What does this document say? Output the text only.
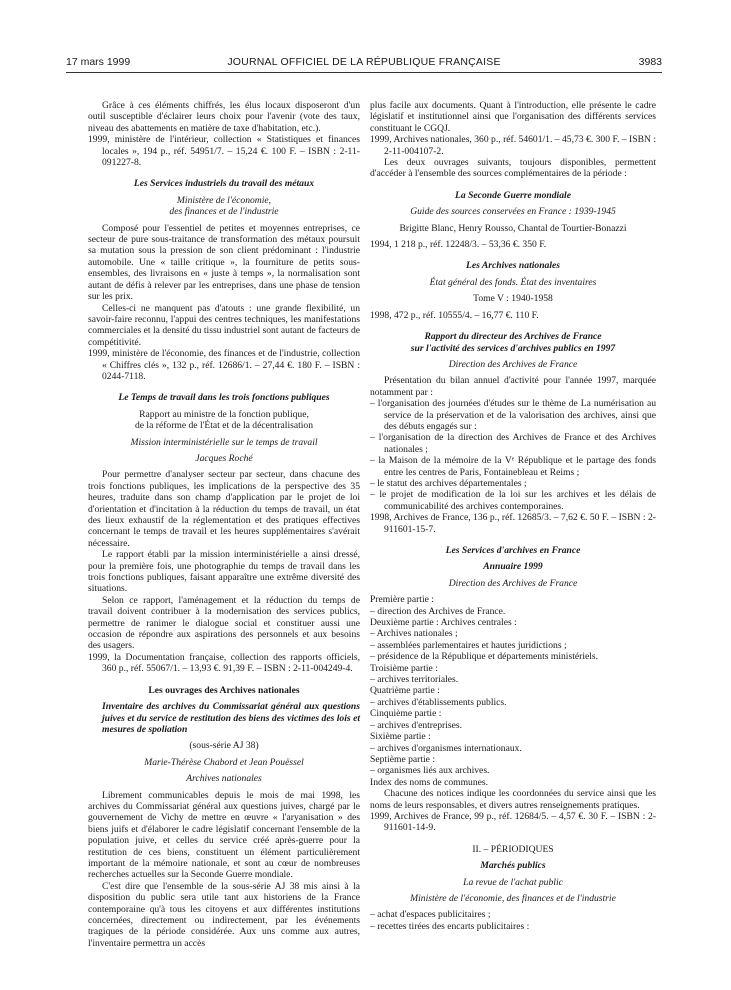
17 mars 1999	JOURNAL OFFICIEL DE LA RÉPUBLIQUE FRANÇAISE	3983

Grâce à ces éléments chiffrés, les élus locaux disposeront d'un outil susceptible d'éclairer leurs choix pour l'avenir (vote des taux, niveau des abattements en matière de taxe d'habitation, etc.).

1999, ministère de l'intérieur, collection « Statistiques et finances locales », 194 p., réf. 54951/7. – 15,24 €. 100 F. – ISBN : 2-11-091227-8.

Les Services industriels du travail des métaux

Ministère de l'économie,

des finances et de l'industrie

Composé pour l'essentiel de petites et moyennes entreprises, ce secteur de pure sous-traitance de transformation des métaux poursuit sa mutation sous la pression de son client prédominant : l'industrie automobile. Une « taille critique », la fourniture de petits sous-ensembles, des livraisons en « juste à temps », la normalisation sont autant de défis à relever par les entreprises, dans une phase de tension sur les prix.

Celles-ci ne manquent pas d'atouts : une grande flexibilité, un savoir-faire reconnu, l'appui des centres techniques, les manifestations commerciales et la densité du tissu industriel sont autant de facteurs de compétitivité.

1999, ministère de l'économie, des finances et de l'industrie, collection « Chiffres clés », 132 p., réf. 12686/1. – 27,44 €. 180 F. – ISBN : 0244-7118.

Le Temps de travail dans les trois fonctions publiques

Rapport au ministre de la fonction publique,

de la réforme de l'État et de la décentralisation

Mission interministérielle sur le temps de travail

Jacques Roché

Pour permettre d'analyser secteur par secteur, dans chacune des trois fonctions publiques, les implications de la perspective des 35 heures, traduite dans son champ d'application par le projet de loi d'orientation et d'incitation à la réduction du temps de travail, un état des lieux exhaustif de la réglementation et des pratiques effectives concernant le temps de travail et les heures supplémentaires s'avérait nécessaire.

Le rapport établi par la mission interministérielle a ainsi dressé, pour la première fois, une photographie du temps de travail dans les trois fonctions publiques, faisant apparaître une extrême diversité des situations.

Selon ce rapport, l'aménagement et la réduction du temps de travail doivent contribuer à la modernisation des services publics, permettre de ranimer le dialogue social et constituer aussi une occasion de répondre aux aspirations des personnels et aux besoins des usagers.

1999, la Documentation française, collection des rapports officiels, 360 p., réf. 55067/1. – 13,93 €. 91,39 F. – ISBN : 2-11-004249-4.

Les ouvrages des Archives nationales

Inventaire des archives du Commissariat général aux questions juives et du service de restitution des biens des victimes des lois et mesures de spoliation

(sous-série AJ 38)

Marie-Thérèse Chabord et Jean Pouëssel

Archives nationales

Librement communicables depuis le mois de mai 1998, les archives du Commissariat général aux questions juives, chargé par le gouvernement de Vichy de mettre en œuvre « l'aryanisation » des biens juifs et d'élaborer le cadre législatif concernant l'ensemble de la population juive, et celles du service créé après-guerre pour la restitution de ces biens, constituent un élément particulièrement important de la mémoire nationale, et sont au cœur de nombreuses recherches actuelles sur la Seconde Guerre mondiale.

C'est dire que l'ensemble de la sous-série AJ 38 mis ainsi à la disposition du public sera utile tant aux historiens de la France contemporaine qu'à tous les citoyens et aux différentes institutions concernées, directement ou indirectement, par les événements tragiques de la période considérée. Aux uns comme aux autres, l'inventaire permettra un accès

plus facile aux documents. Quant à l'introduction, elle présente le cadre législatif et institutionnel ainsi que l'organisation des différents services constituant le CGQJ.

1999, Archives nationales, 360 p., réf. 54601/1. – 45,73 €. 300 F. – ISBN : 2-11-004107-2.

Les deux ouvrages suivants, toujours disponibles, permettent d'accéder à l'ensemble des sources complémentaires de la période :

La Seconde Guerre mondiale

Guide des sources conservées en France : 1939-1945

Brigitte Blanc, Henry Rousso, Chantal de Tourtier-Bonazzi

1994, 1 218 p., réf. 12248/3. – 53,36 €. 350 F.

Les Archives nationales

État général des fonds. État des inventaires

Tome V : 1940-1958

1998, 472 p., réf. 10555/4. – 16,77 €. 110 F.

Rapport du directeur des Archives de France

sur l'activité des services d'archives publics en 1997

Direction des Archives de France

Présentation du bilan annuel d'activité pour l'année 1997, marquée notamment par :

– l'organisation des journées d'études sur le thème de La numérisation au service de la préservation et de la valorisation des archives, ainsi que des débuts engagés sur :

– l'organisation de la direction des Archives de France et des Archives nationales ;

– la Maison de la mémoire de la Vᵉ République et le partage des fonds entre les centres de Paris, Fontainebleau et Reims ;

– le statut des archives départementales ;

– le projet de modification de la loi sur les archives et les délais de communicabilité des archives contemporaines.

1998, Archives de France, 136 p., réf. 12685/3. – 7,62 €. 50 F. – ISBN : 2-911601-15-7.

Les Services d'archives en France

Annuaire 1999

Direction des Archives de France

Première partie :

– direction des Archives de France.

Deuxième partie : Archives centrales :

– Archives nationales ;

– assemblées parlementaires et hautes juridictions ;

– présidence de la République et départements ministériels.

Troisième partie :

– archives territoriales.

Quatrième partie :

– archives d'établissements publics.

Cinquième partie :

– archives d'entreprises.

Sixième partie :

– archives d'organismes internationaux.

Septième partie :

– organismes liés aux archives.

Index des noms de communes.

Chacune des notices indique les coordonnées du service ainsi que les noms de leurs responsables, et divers autres renseignements pratiques.

1999, Archives de France, 99 p., réf. 12684/5. – 4,57 €. 30 F. – ISBN : 2-911601-14-9.

II. – PÉRIODIQUES

Marchés publics

La revue de l'achat public

Ministère de l'économie, des finances et de l'industrie

– achat d'espaces publicitaires ;

– recettes tirées des encarts publicitaires :
